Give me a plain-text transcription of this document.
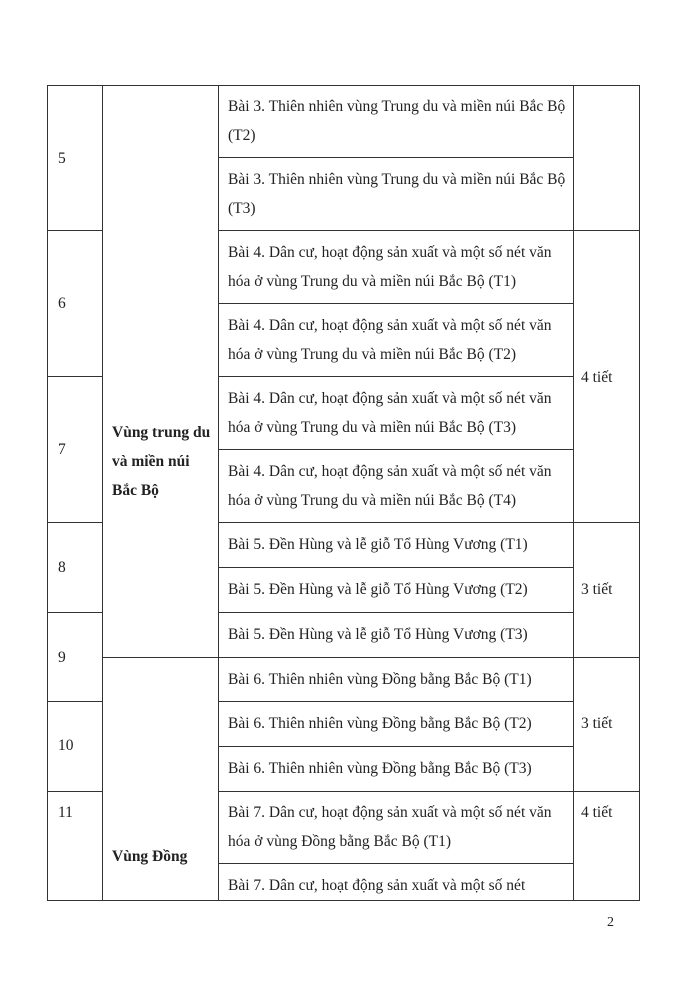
5
6
7
8
9
10
11
Vùng trung du và miền núi Bắc Bộ
Vùng Đồng
Bài 3. Thiên nhiên vùng Trung du và miền núi Bắc Bộ (T2)
Bài 3. Thiên nhiên vùng Trung du và miền núi Bắc Bộ (T3)
Bài 4. Dân cư, hoạt động sản xuất và một số nét văn hóa ở vùng Trung du và miền núi Bắc Bộ (T1)
Bài 4. Dân cư, hoạt động sản xuất và một số nét văn hóa ở vùng Trung du và miền núi Bắc Bộ (T2)
Bài 4. Dân cư, hoạt động sản xuất và một số nét văn hóa ở vùng Trung du và miền núi Bắc Bộ (T3)
Bài 4. Dân cư, hoạt động sản xuất và một số nét văn hóa ở vùng Trung du và miền núi Bắc Bộ (T4)
Bài 5. Đền Hùng và lễ giỗ Tổ Hùng Vương (T1)
Bài 5. Đền Hùng và lễ giỗ Tổ Hùng Vương (T2)
Bài 5. Đền Hùng và lễ giỗ Tổ Hùng Vương (T3)
Bài 6. Thiên nhiên vùng Đồng bằng Bắc Bộ (T1)
Bài 6. Thiên nhiên vùng Đồng bằng Bắc Bộ (T2)
Bài 6. Thiên nhiên vùng Đồng bằng Bắc Bộ (T3)
Bài 7. Dân cư, hoạt động sản xuất và một số nét văn hóa ở vùng Đồng bằng Bắc Bộ (T1)
Bài 7. Dân cư, hoạt động sản xuất và một số nét
4 tiết
3 tiết
3 tiết
4 tiết
2
